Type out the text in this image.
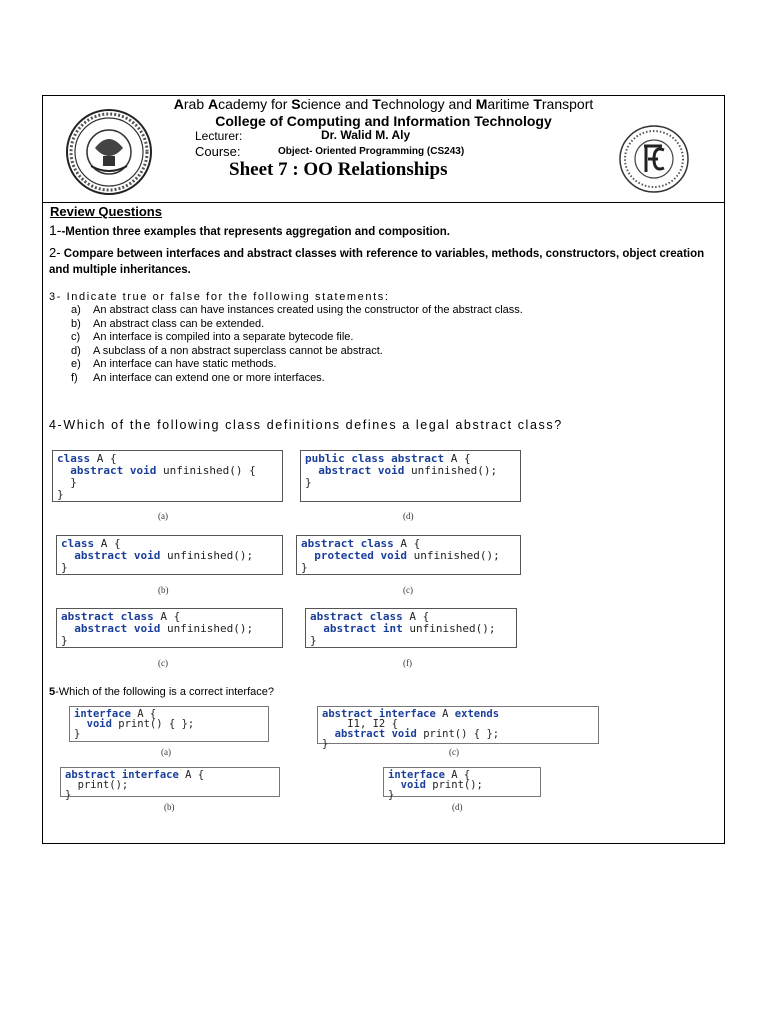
Arab Academy for Science and Technology and Maritime Transport
College of Computing and Information Technology
Lecturer:	Dr. Walid M. Aly
Course:	Object- Oriented Programming (CS243)
Sheet 7 : OO Relationships
Review Questions
1--Mention three examples that represents aggregation and composition.
2- Compare between interfaces and abstract classes with reference to variables, methods, constructors, object creation and multiple inheritances.
3- Indicate true or false for the following statements:
a)	An abstract class can have instances created using the constructor of the abstract class.
b)	An abstract class can be extended.
c)	An interface is compiled into a separate bytecode file.
d)	A subclass of a non abstract superclass cannot be abstract.
e)	An interface can have static methods.
f)	An interface can extend one or more interfaces.
4-Which of the following class definitions defines a legal abstract class?
class A {
abstract void unfinished() {
}
}
(a)
class A {
abstract void unfinished();
}
(b)
abstract class A {
abstract void unfinished();
}
(c)
public class abstract A {
abstract void unfinished();
}
(d)
abstract class A {
protected void unfinished();
}
(c)
abstract class A {
abstract int unfinished();
}
(f)
5-Which of the following is a correct interface?
interface A {
void print() { };
}
(a)
abstract interface A extends
I1, I2 {
abstract void print() { };
}
(c)
abstract interface A {
print();
}
(b)
interface A {
void print();
}
(d)
